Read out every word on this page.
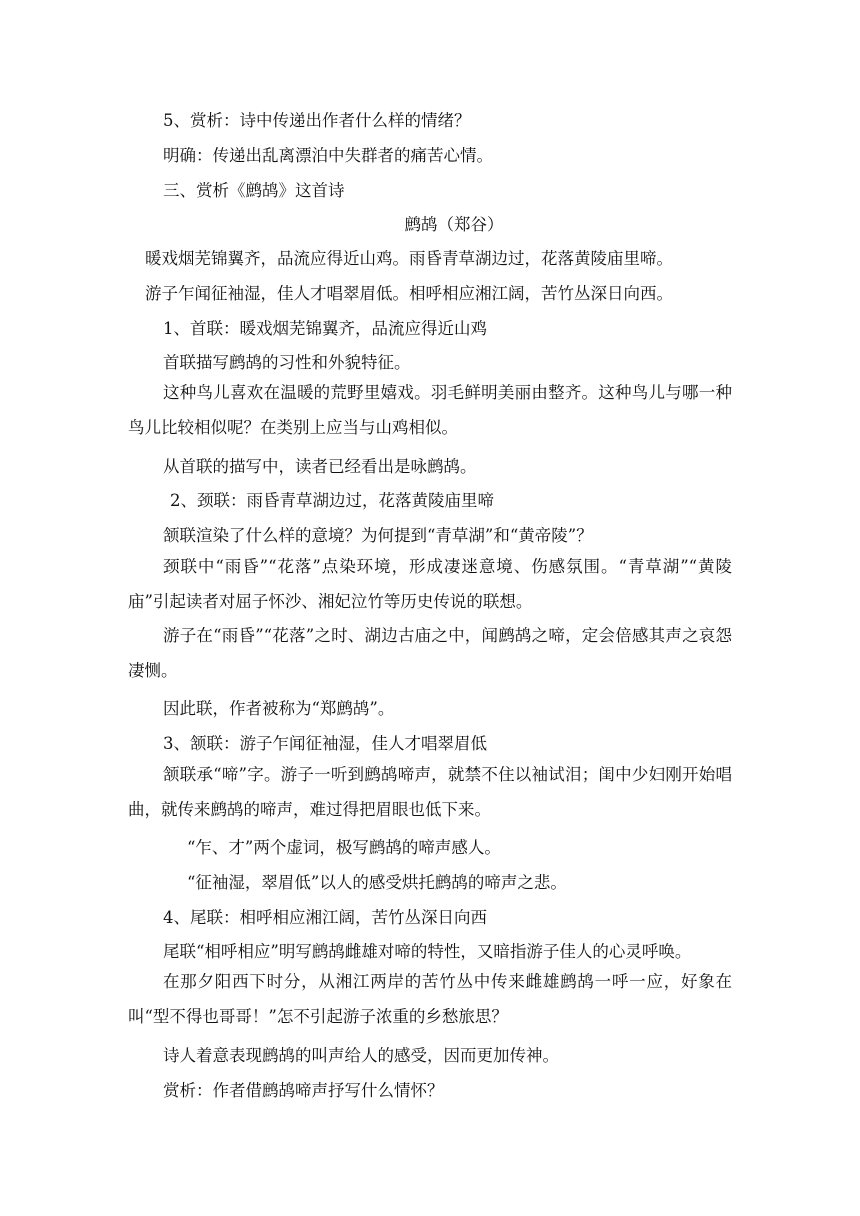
5、赏析：诗中传递出作者什么样的情绪？
明确：传递出乱离漂泊中失群者的痛苦心情。
三、赏析《鹧鸪》这首诗
鹧鸪（郑谷）
暖戏烟芜锦翼齐，品流应得近山鸡。雨昏青草湖边过，花落黄陵庙里啼。
游子乍闻征袖湿，佳人才唱翠眉低。相呼相应湘江阔，苦竹丛深日向西。
1、首联：暖戏烟芜锦翼齐，品流应得近山鸡
首联描写鹧鸪的习性和外貌特征。
这种鸟儿喜欢在温暖的荒野里嬉戏。羽毛鲜明美丽由整齐。这种鸟儿与哪一种鸟儿比较相似呢？在类别上应当与山鸡相似。
从首联的描写中，读者已经看出是咏鹧鸪。
2、颈联：雨昏青草湖边过，花落黄陵庙里啼
颔联渲染了什么样的意境？为何提到“青草湖”和“黄帝陵”？
颈联中“雨昏”“花落”点染环境，形成凄迷意境、伤感氛围。“青草湖”“黄陵庙”引起读者对屈子怀沙、湘妃泣竹等历史传说的联想。
游子在“雨昏”“花落”之时、湖边古庙之中，闻鹧鸪之啼，定会倍感其声之哀怨凄恻。
因此联，作者被称为“郑鹧鸪”。
3、颔联：游子乍闻征袖湿，佳人才唱翠眉低
颔联承“啼”字。游子一听到鹧鸪啼声，就禁不住以袖试泪；闺中少妇刚开始唱曲，就传来鹧鸪的啼声，难过得把眉眼也低下来。
“乍、才”两个虚词，极写鹧鸪的啼声感人。
“征袖湿，翠眉低”以人的感受烘托鹧鸪的啼声之悲。
4、尾联：相呼相应湘江阔，苦竹丛深日向西
尾联“相呼相应”明写鹧鸪雌雄对啼的特性，又暗指游子佳人的心灵呼唤。
在那夕阳西下时分，从湘江两岸的苦竹丛中传来雌雄鹧鸪一呼一应，好象在叫“型不得也哥哥！”怎不引起游子浓重的乡愁旅思？
诗人着意表现鹧鸪的叫声给人的感受，因而更加传神。
赏析：作者借鹧鸪啼声抒写什么情怀？
